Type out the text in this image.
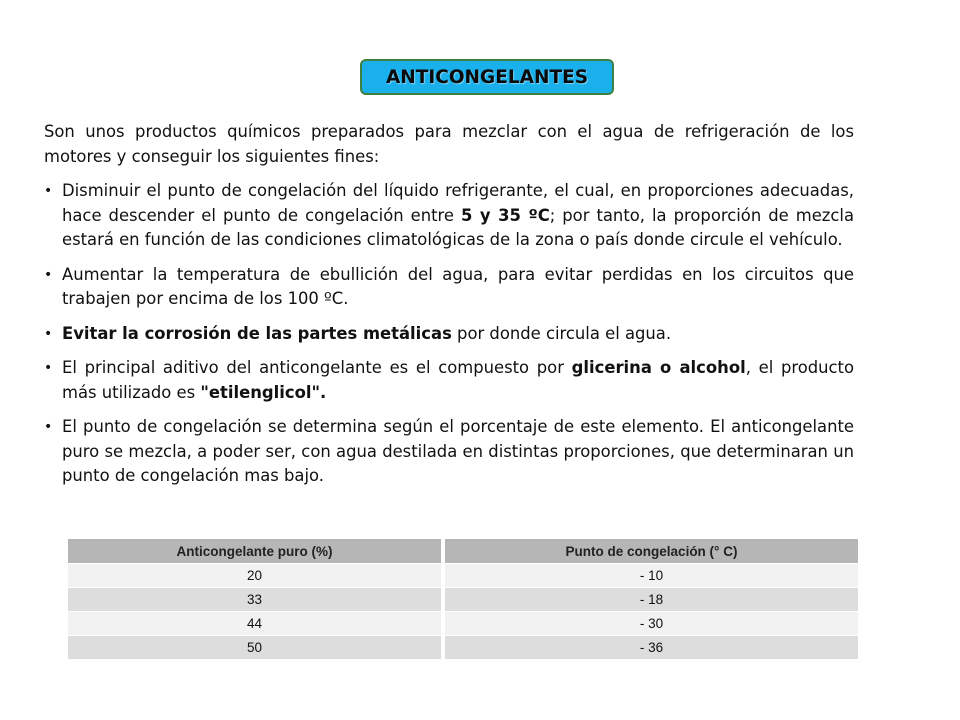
ANTICONGELANTES

Son unos productos químicos preparados para mezclar con el agua de refrigeración de los motores y conseguir los siguientes fines:

• Disminuir el punto de congelación del líquido refrigerante, el cual, en proporciones adecuadas, hace descender el punto de congelación entre 5 y 35 ºC; por tanto, la proporción de mezcla estará en función de las condiciones climatológicas de la zona o país donde circule el vehículo.
• Aumentar la temperatura de ebullición del agua, para evitar perdidas en los circuitos que trabajen por encima de los 100 ºC.
• Evitar la corrosión de las partes metálicas por donde circula el agua.
• El principal aditivo del anticongelante es el compuesto por glicerina o alcohol, el producto más utilizado es "etilenglicol".
• El punto de congelación se determina según el porcentaje de este elemento. El anticongelante puro se mezcla, a poder ser, con agua destilada en distintas proporciones, que determinaran un punto de congelación mas bajo.
Anticongelante puro (%)	Punto de congelación (° C)
20	- 10
33	- 18
44	- 30
50	- 36
